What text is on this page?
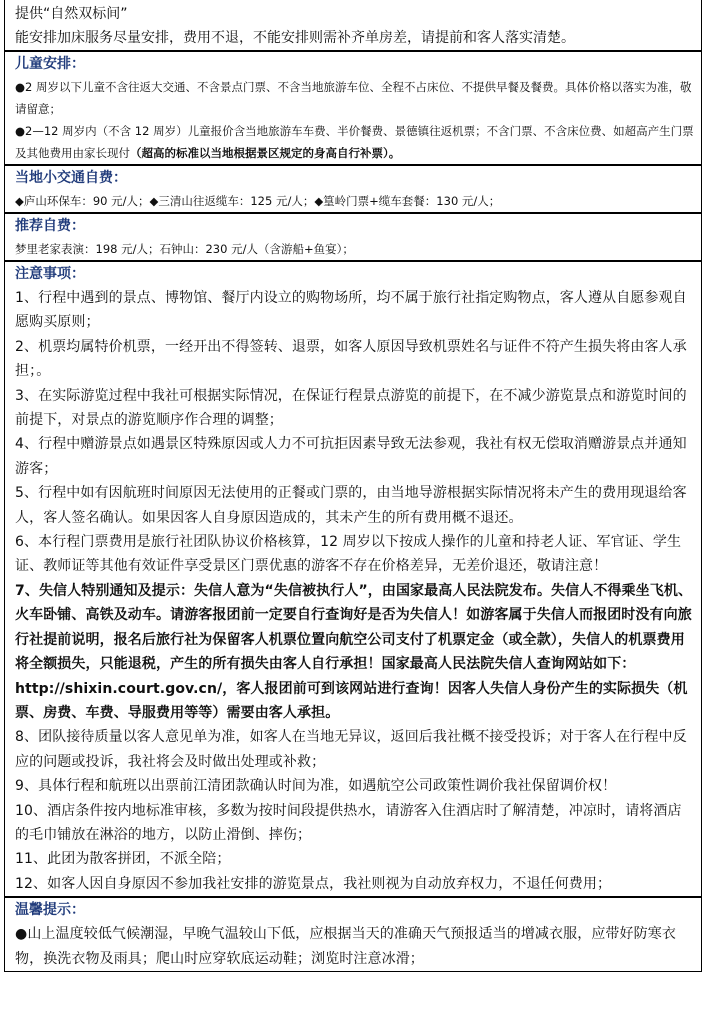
提供“自然双标间”
能安排加床服务尽量安排，费用不退，不能安排则需补齐单房差，请提前和客人落实清楚。
儿童安排：
●2 周岁以下儿童不含往返大交通、不含景点门票、不含当地旅游车位、全程不占床位、不提供早餐及餐费。具体价格以落实为准，敬请留意；
●2—12 周岁内（不含 12 周岁）儿童报价含当地旅游车车费、半价餐费、景德镇往返机票；不含门票、不含床位费、如超高产生门票及其他费用由家长现付（超高的标准以当地根据景区规定的身高自行补票）。
当地小交通自费：
◆庐山环保车：90 元/人；◆三清山往返缆车：125 元/人；◆篁岭门票+缆车套餐：130 元/人；
推荐自费：
梦里老家表演：198 元/人；石钟山：230 元/人（含游船+鱼宴）；
注意事项：
1、行程中遇到的景点、博物馆、餐厅内设立的购物场所，均不属于旅行社指定购物点，客人遵从自愿参观自愿购买原则；
2、机票均属特价机票，一经开出不得签转、退票，如客人原因导致机票姓名与证件不符产生损失将由客人承担；。
3、在实际游览过程中我社可根据实际情况，在保证行程景点游览的前提下，在不减少游览景点和游览时间的前提下，对景点的游览顺序作合理的调整；
4、行程中赠游景点如遇景区特殊原因或人力不可抗拒因素导致无法参观，我社有权无偿取消赠游景点并通知游客；
5、行程中如有因航班时间原因无法使用的正餐或门票的，由当地导游根据实际情况将未产生的费用现退给客人，客人签名确认。如果因客人自身原因造成的，其未产生的所有费用概不退还。
6、本行程门票费用是旅行社团队协议价格核算，12 周岁以下按成人操作的儿童和持老人证、军官证、学生证、教师证等其他有效证件享受景区门票优惠的游客不存在价格差异，无差价退还，敬请注意！
7、失信人特别通知及提示：失信人意为“失信被执行人”，由国家最高人民法院发布。失信人不得乘坐飞机、火车卧铺、高铁及动车。请游客报团前一定要自行查询好是否为失信人！如游客属于失信人而报团时没有向旅行社提前说明，报名后旅行社为保留客人机票位置向航空公司支付了机票定金（或全款），失信人的机票费用将全额损失，只能退税，产生的所有损失由客人自行承担！国家最高人民法院失信人查询网站如下： http://shixin.court.gov.cn/，客人报团前可到该网站进行查询！因客人失信人身份产生的实际损失（机票、房费、车费、导服费用等等）需要由客人承担。
8、团队接待质量以客人意见单为准，如客人在当地无异议，返回后我社概不接受投诉；对于客人在行程中反应的问题或投诉，我社将会及时做出处理或补救；
9、具体行程和航班以出票前江清团款确认时间为准，如遇航空公司政策性调价我社保留调价权！
10、酒店条件按内地标准审核，多数为按时间段提供热水，请游客入住酒店时了解清楚，冲凉时，请将酒店的毛巾铺放在淋浴的地方，以防止滑倒、摔伤；
11、此团为散客拼团，不派全陪；
12、如客人因自身原因不参加我社安排的游览景点，我社则视为自动放弃权力，不退任何费用；
温馨提示：
●山上温度较低气候潮湿，早晚气温较山下低，应根据当天的准确天气预报适当的增减衣服，应带好防寒衣物，换洗衣物及雨具；爬山时应穿软底运动鞋；浏览时注意冰滑；
